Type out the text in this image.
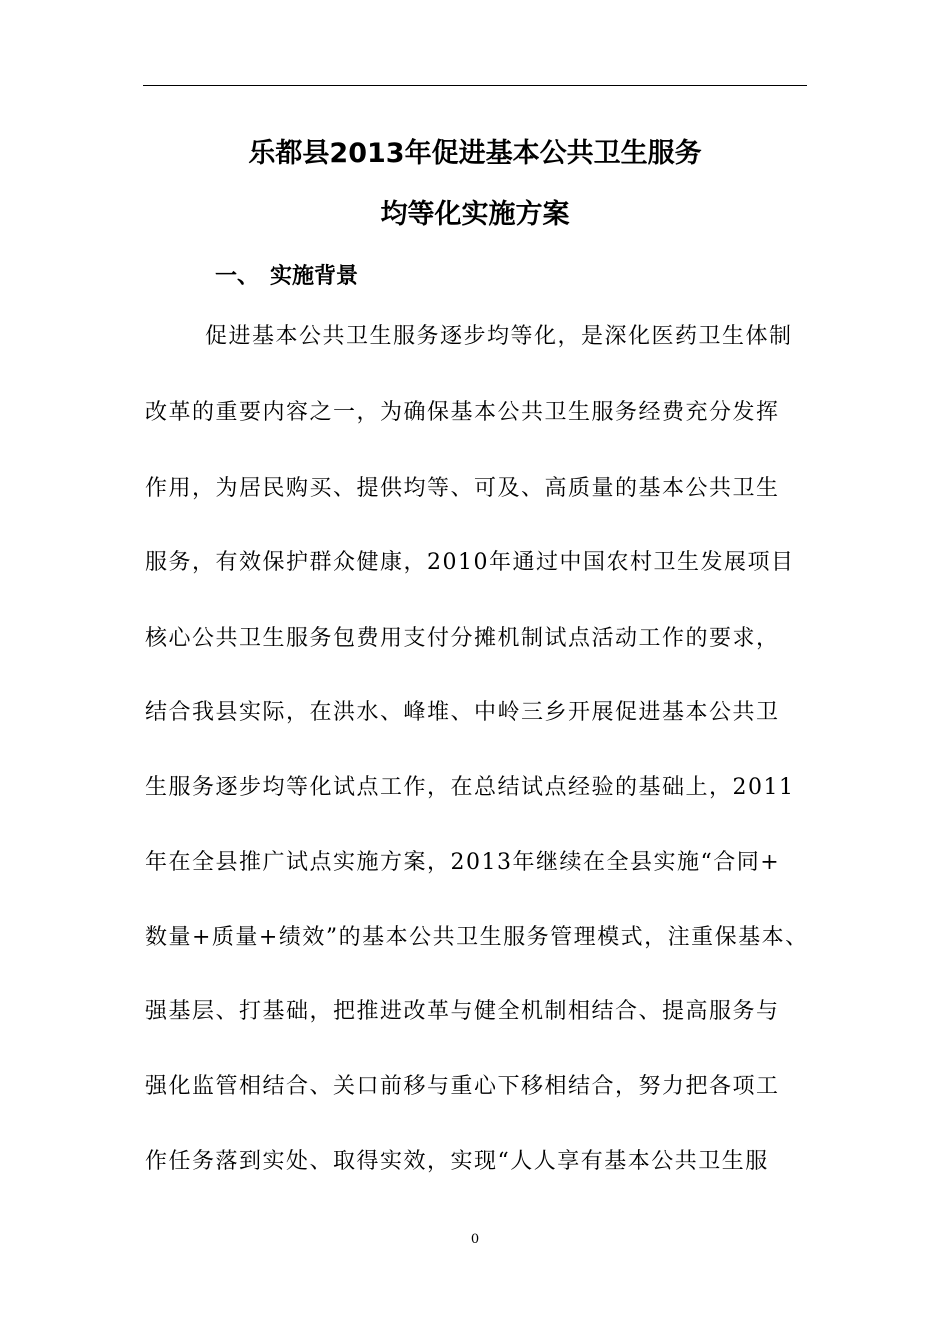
乐都县2013年促进基本公共卫生服务
均等化实施方案
一、 实施背景
促进基本公共卫生服务逐步均等化，是深化医药卫生体制
改革的重要内容之一，为确保基本公共卫生服务经费充分发挥
作用，为居民购买、提供均等、可及、高质量的基本公共卫生
服务，有效保护群众健康，2010年通过中国农村卫生发展项目
核心公共卫生服务包费用支付分摊机制试点活动工作的要求，
结合我县实际，在洪水、峰堆、中岭三乡开展促进基本公共卫
生服务逐步均等化试点工作，在总结试点经验的基础上，2011
年在全县推广试点实施方案，2013年继续在全县实施“合同+
数量+质量+绩效”的基本公共卫生服务管理模式，注重保基本、
强基层、打基础，把推进改革与健全机制相结合、提高服务与
强化监管相结合、关口前移与重心下移相结合，努力把各项工
作任务落到实处、取得实效，实现“人人享有基本公共卫生服
0
